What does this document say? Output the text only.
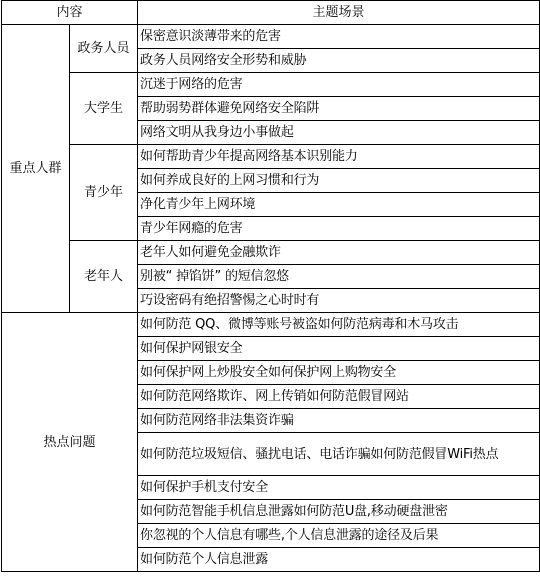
内容		主题场景
重点人群	政务人员	保密意识淡薄带来的危害
		政务人员网络安全形势和威胁
	大学生	沉迷于网络的危害
		帮助弱势群体避免网络安全陷阱
		网络文明从我身边小事做起
	青少年	如何帮助青少年提高网络基本识别能力
		如何养成良好的上网习惯和行为
		净化青少年上网环境
		青少年网瘾的危害
	老年人	老年人如何避免金融欺诈
		别被“ 掉馅饼” 的短信忽悠
		巧设密码有绝招警惕之心时时有
热点问题		如何防范 QQ、微博等账号被盗如何防范病毒和木马攻击
		如何保护网银安全
		如何保护网上炒股安全如何保护网上购物安全
		如何防范网络欺诈、网上传销如何防范假冒网站
		如何防范网络非法集资诈骗
		如何防范垃圾短信、骚扰电话、电话诈骗如何防范假冒WiFi热点
		如何保护手机支付安全
		如何防范智能手机信息泄露如何防范U盘,移动硬盘泄密
		你忽视的个人信息有哪些,个人信息泄露的途径及后果
		如何防范个人信息泄露
